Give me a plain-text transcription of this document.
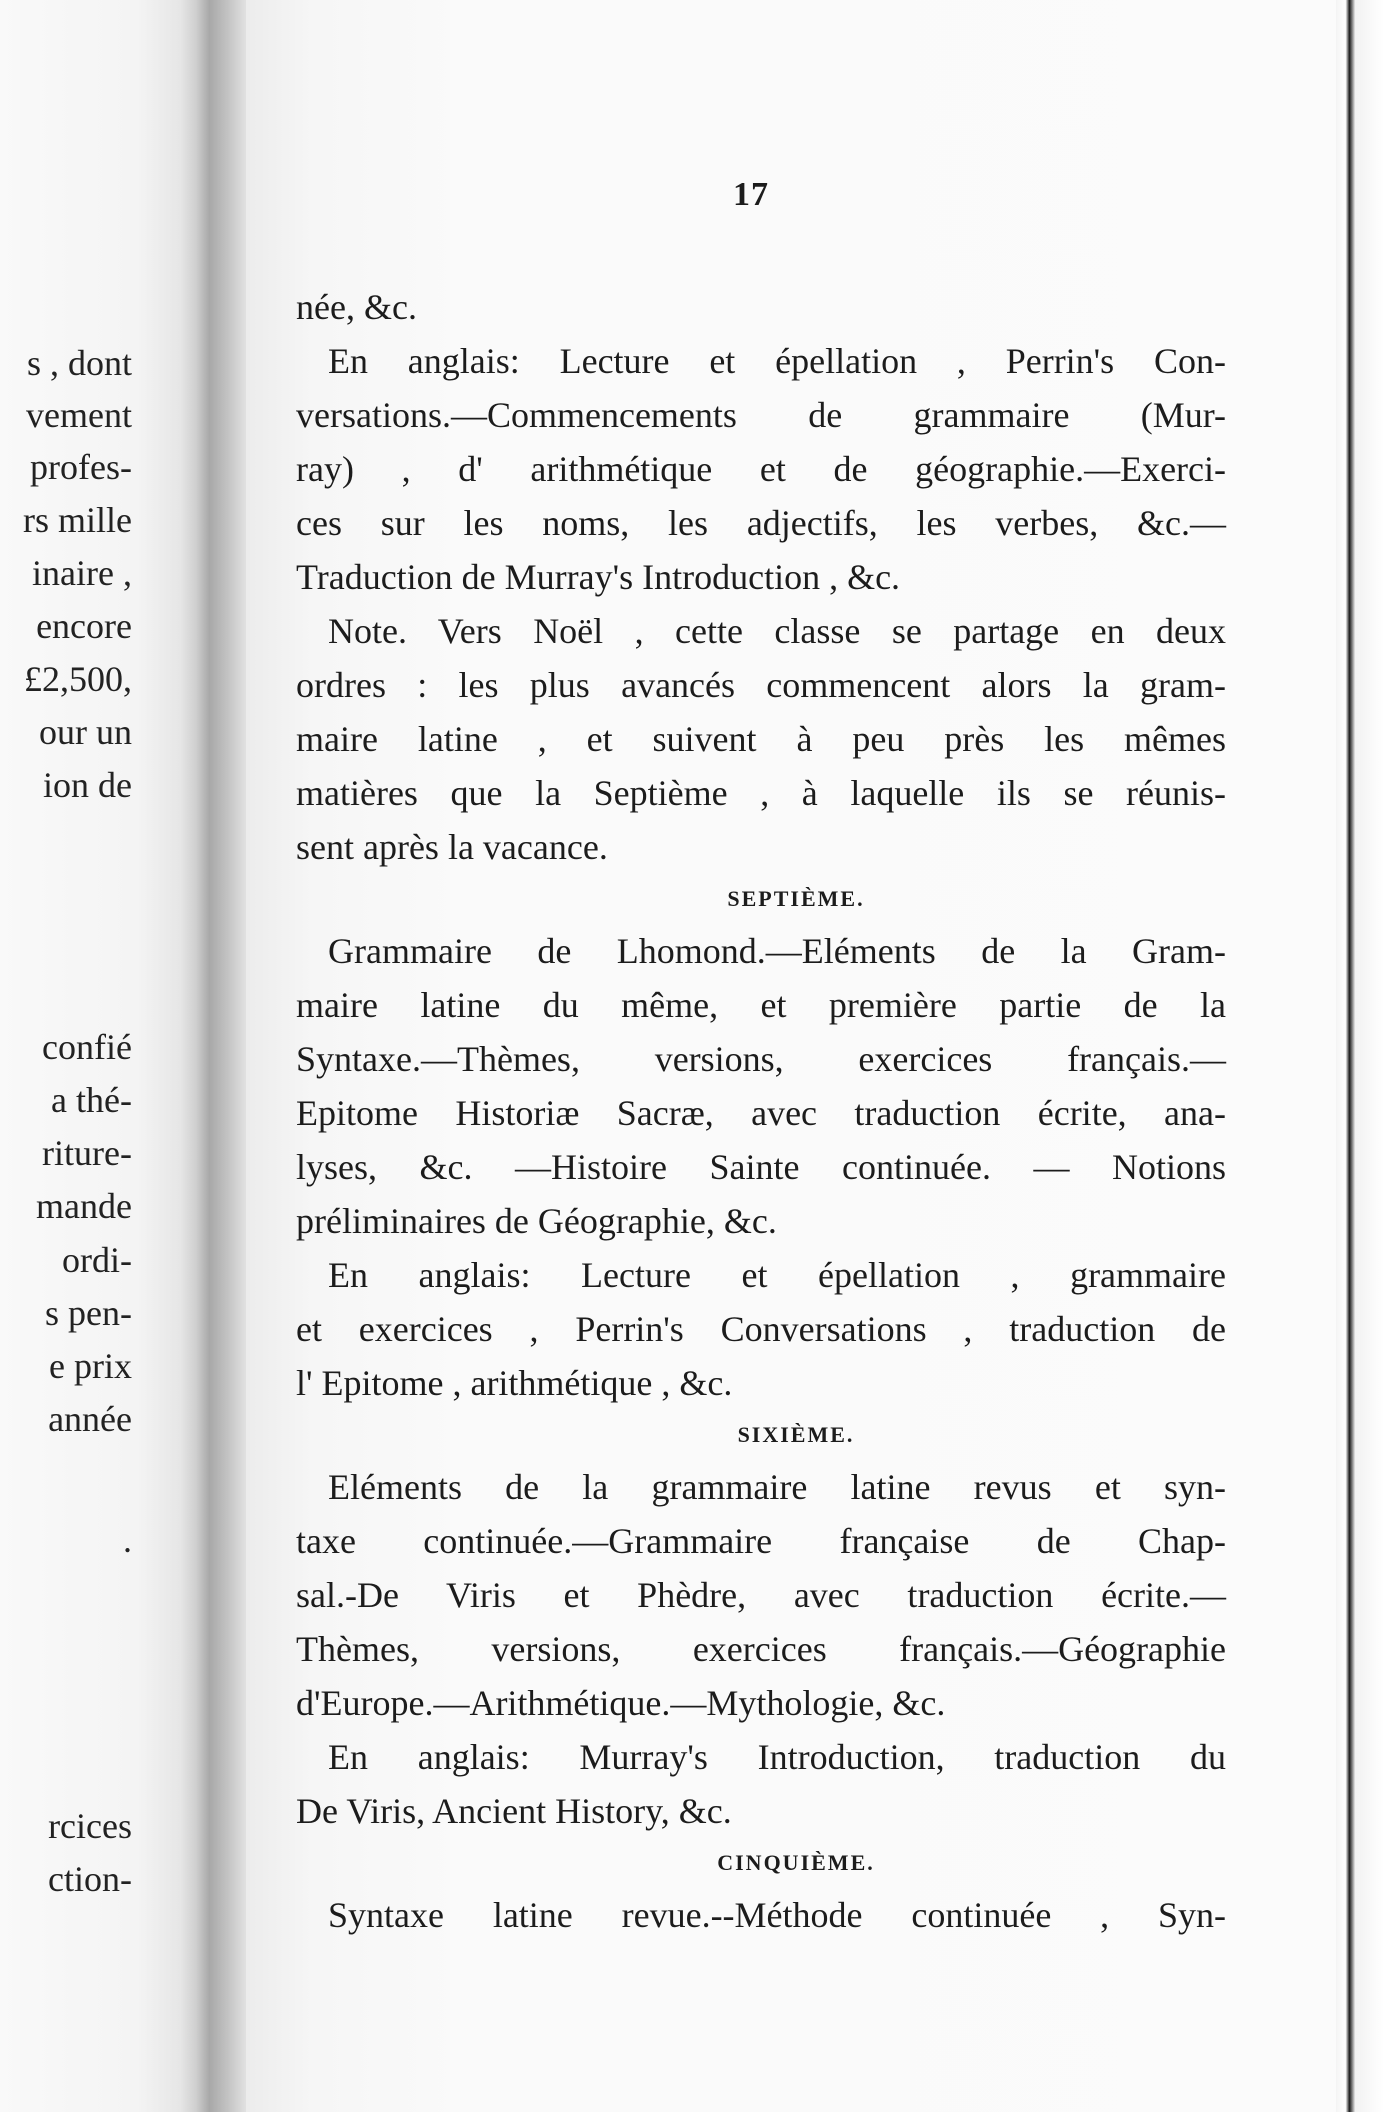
s , dont
vement
profes-
rs mille
inaire ,
encore
£2,500,
our un
ion de
confié
a thé-
riture-
mande
ordi-
s pen-
e prix
année
.
rcices
ction-
17
née, &c.
En anglais: Lecture et épellation , Perrin's Con-
versations.—Commencements de grammaire (Mur-
ray) , d' arithmétique et de géographie.—Exerci-
ces sur les noms, les adjectifs, les verbes, &c.—
Traduction de Murray's Introduction , &c.
Note. Vers Noël , cette classe se partage en deux
ordres : les plus avancés commencent alors la gram-
maire latine , et suivent à peu près les mêmes
matières que la Septième , à laquelle ils se réunis-
sent après la vacance.
SEPTIÈME.
Grammaire de Lhomond.—Eléments de la Gram-
maire latine du même, et première partie de la
Syntaxe.—Thèmes, versions, exercices français.—
Epitome Historiæ Sacræ, avec traduction écrite, ana-
lyses, &c. —Histoire Sainte continuée. — Notions
préliminaires de Géographie, &c.
En anglais: Lecture et épellation , grammaire
et exercices , Perrin's Conversations , traduction de
l' Epitome , arithmétique , &c.
SIXIÈME.
Eléments de la grammaire latine revus et syn-
taxe continuée.—Grammaire française de Chap-
sal.-De Viris et Phèdre, avec traduction écrite.—
Thèmes, versions, exercices français.—Géographie
d'Europe.—Arithmétique.—Mythologie, &c.
En anglais: Murray's Introduction, traduction du
De Viris, Ancient History, &c.
CINQUIÈME.
Syntaxe latine revue.--Méthode continuée , Syn-
